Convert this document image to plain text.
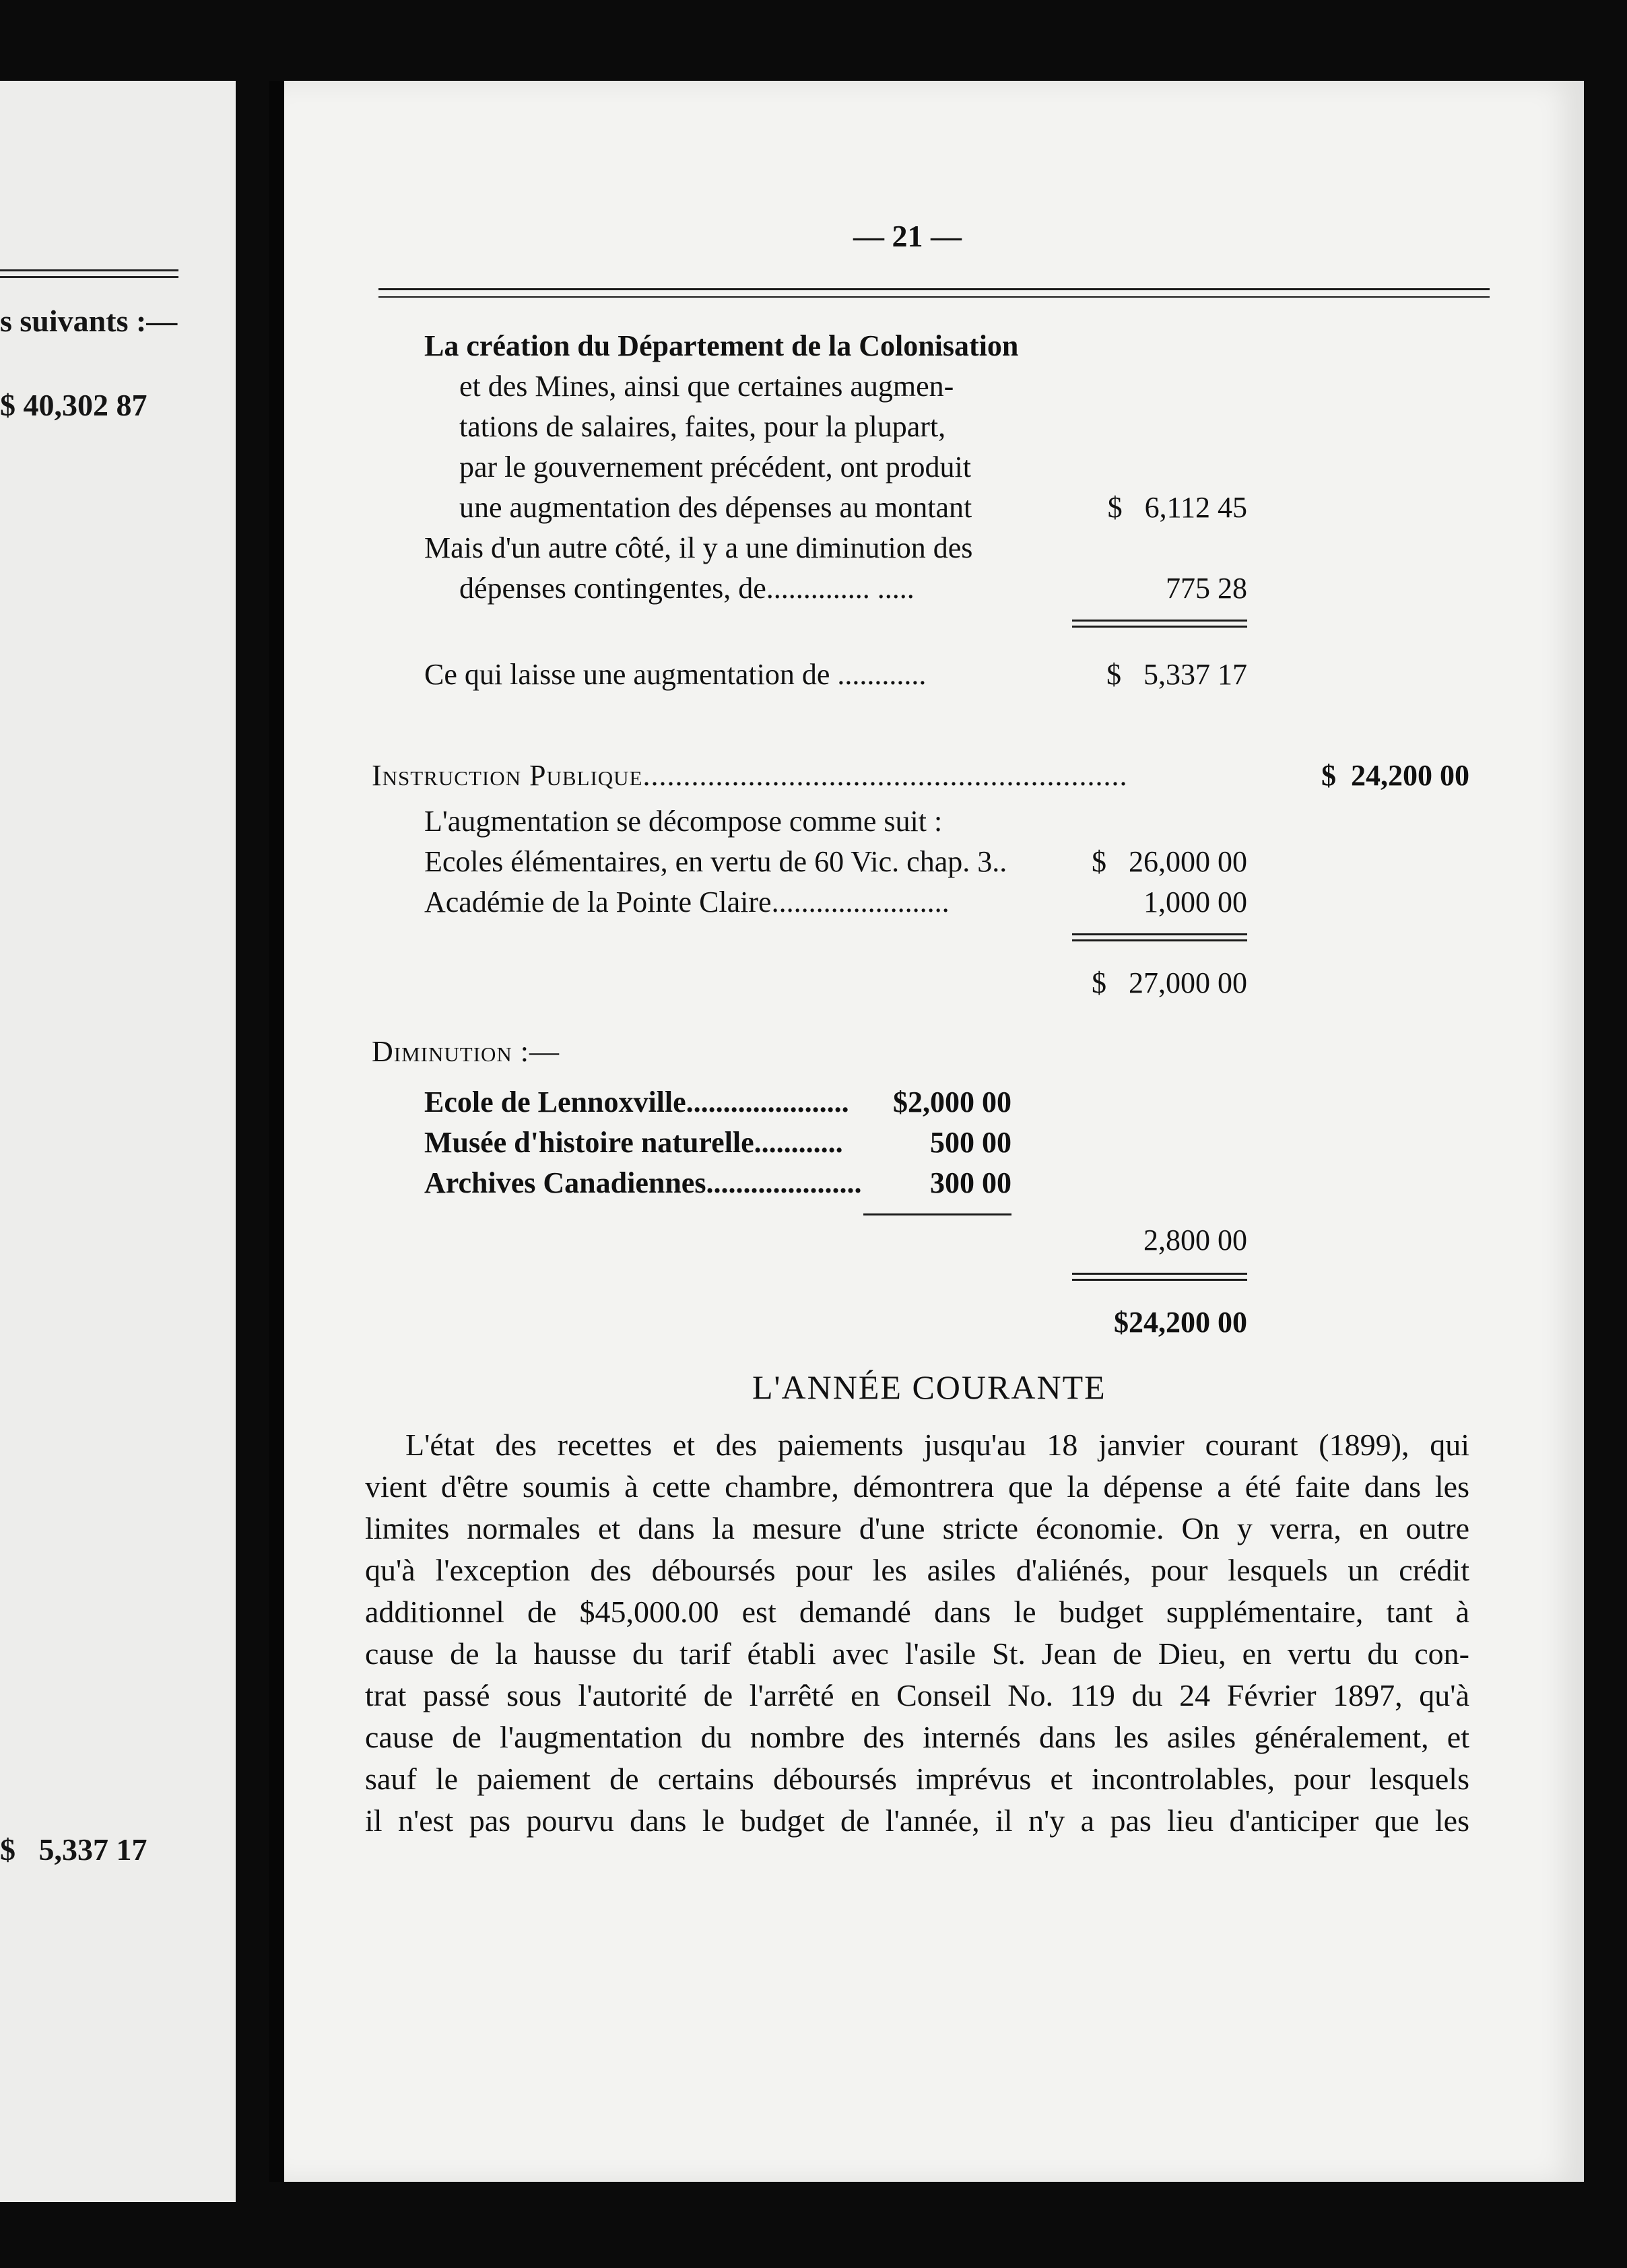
s suivants :—
$ 40,302 87
$   5,337 17
— 21 —
La création du Département de la Colonisation
et des Mines, ainsi que certaines augmen-
tations de salaires, faites, pour la plupart,
par le gouvernement précédent, ont produit
une augmentation des dépenses au montant	$   6,112 45
Mais d'un autre côté, il y a une diminution des
dépenses contingentes, de.............. .....	775 28
Ce qui laisse une augmentation de ............	$   5,337 17
Instruction Publique............................................................	$  24,200 00
L'augmentation se décompose comme suit :
Ecoles élémentaires, en vertu de 60 Vic. chap. 3..	$   26,000 00
Académie de la Pointe Claire........................	1,000 00
$   27,000 00
Diminution :—
Ecole de Lennoxville......................	$2,000 00
Musée d'histoire naturelle............	500 00
Archives Canadiennes.....................	300 00
2,800 00
$24,200 00
L'ANNÉE COURANTE
L'état des recettes et des paiements jusqu'au 18 janvier courant (1899), qui
vient d'être soumis à cette chambre, démontrera que la dépense a été faite dans les
limites normales et dans la mesure d'une stricte économie. On y verra, en outre
qu'à l'exception des déboursés pour les asiles d'aliénés, pour lesquels un crédit
additionnel de $45,000.00 est demandé dans le budget supplémentaire, tant à
cause de la hausse du tarif établi avec l'asile St. Jean de Dieu, en vertu du con-
trat passé sous l'autorité de l'arrêté en Conseil No. 119 du 24 Février 1897, qu'à
cause de l'augmentation du nombre des internés dans les asiles généralement, et
sauf le paiement de certains déboursés imprévus et incontrolables, pour lesquels
il n'est pas pourvu dans le budget de l'année, il n'y a pas lieu d'anticiper que les
